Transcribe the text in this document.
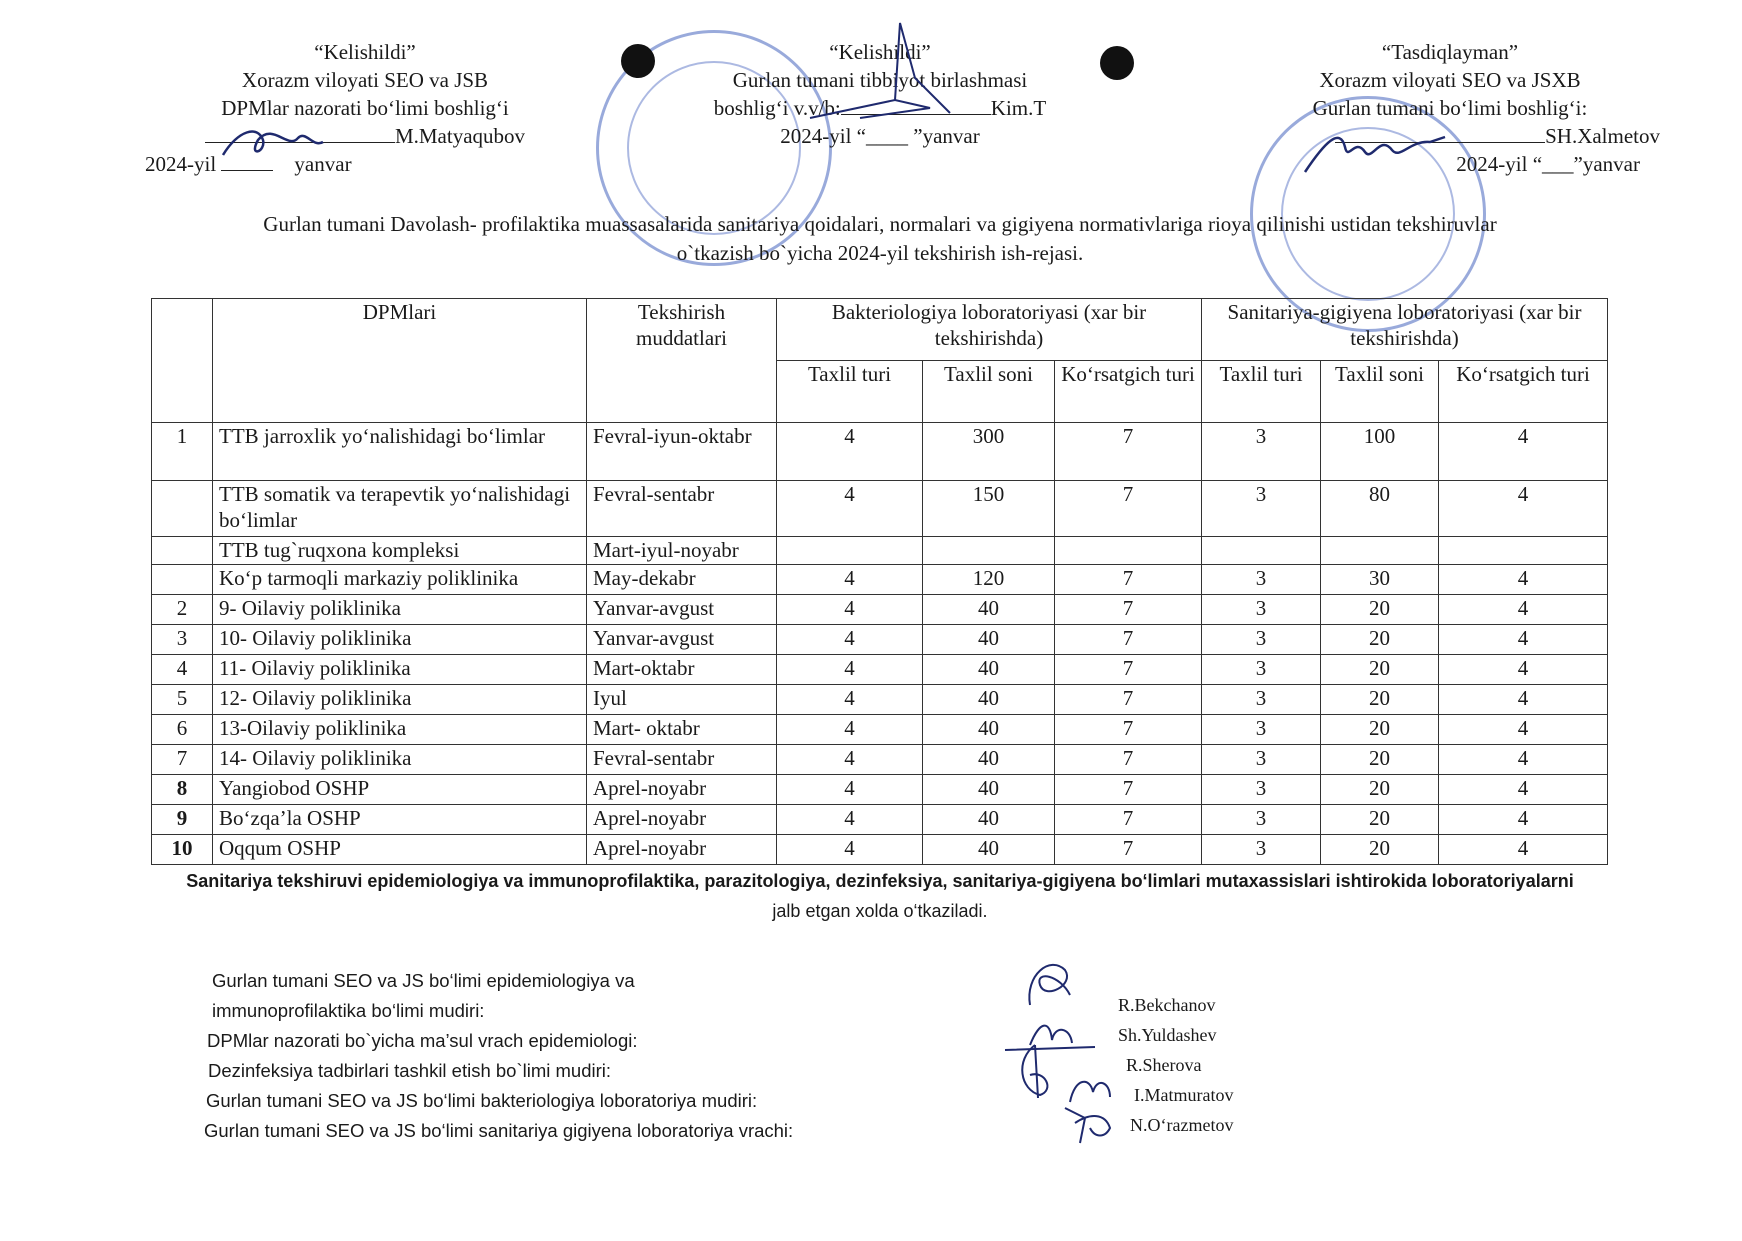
“Kelishildi”
Xorazm viloyati SEO va JSB
DPMlar nazorati bo‘limi boshlig‘i
M.Matyaqubov
2024-yil	yanvar
“Kelishildi”
Gurlan tumani tibbiyot birlashmasi
boshlig‘i v.v/b:	Kim.T
2024-yil “____ ”yanvar
“Tasdiqlayman”
Xorazm viloyati SEO va JSXB
Gurlan tumani bo‘limi boshlig‘i:
SH.Xalmetov
2024-yil “___”yanvar
Gurlan tumani Davolash- profilaktika muassasalarida sanitariya qoidalari, normalari va gigiyena normativlariga rioya qilinishi ustidan tekshiruvlar
o`tkazish bo`yicha 2024-yil tekshirish ish-rejasi.
	DPMlari	Tekshirish muddatlari	Bakteriologiya loboratoriyasi (xar bir tekshirishda)			Sanitariya-gigiyena loboratoriyasi (xar bir tekshirishda)		
			Taxlil turi	Taxlil soni	Ko‘rsatgich turi	Taxlil turi	Taxlil soni	Ko‘rsatgich turi
1	TTB jarroxlik yo‘nalishidagi bo‘limlar	Fevral-iyun-oktabr	4	300	7	3	100	4
	TTB somatik va terapevtik yo‘nalishidagi bo‘limlar	Fevral-sentabr	4	150	7	3	80	4
	TTB tug`ruqxona kompleksi	Mart-iyul-noyabr						
	Ko‘p tarmoqli markaziy poliklinika	May-dekabr	4	120	7	3	30	4
2	9- Oilaviy poliklinika	Yanvar-avgust	4	40	7	3	20	4
3	10- Oilaviy poliklinika	Yanvar-avgust	4	40	7	3	20	4
4	11- Oilaviy poliklinika	Mart-oktabr	4	40	7	3	20	4
5	12- Oilaviy poliklinika	Iyul	4	40	7	3	20	4
6	13-Oilaviy poliklinika	Mart- oktabr	4	40	7	3	20	4
7	14- Oilaviy poliklinika	Fevral-sentabr	4	40	7	3	20	4
8	Yangiobod OSHP	Aprel-noyabr	4	40	7	3	20	4
9	Bo‘zqa’la OSHP	Aprel-noyabr	4	40	7	3	20	4
10	Oqqum OSHP	Aprel-noyabr	4	40	7	3	20	4
Sanitariya tekshiruvi epidemiologiya va immunoprofilaktika, parazitologiya, dezinfeksiya, sanitariya-gigiyena bo‘limlari mutaxassislari ishtirokida loboratoriyalarni
jalb etgan xolda o‘tkaziladi.
Gurlan tumani SEO va JS bo‘limi epidemiologiya va
immunoprofilaktika bo‘limi mudiri:
DPMlar nazorati bo`yicha ma’sul vrach epidemiologi:
Dezinfeksiya tadbirlari tashkil etish bo`limi mudiri:
Gurlan tumani SEO va JS bo‘limi bakteriologiya loboratoriya mudiri:
Gurlan tumani SEO va JS bo‘limi sanitariya gigiyena loboratoriya vrachi:
R.Bekchanov
Sh.Yuldashev
R.Sherova
I.Matmuratov
N.O‘razmetov
